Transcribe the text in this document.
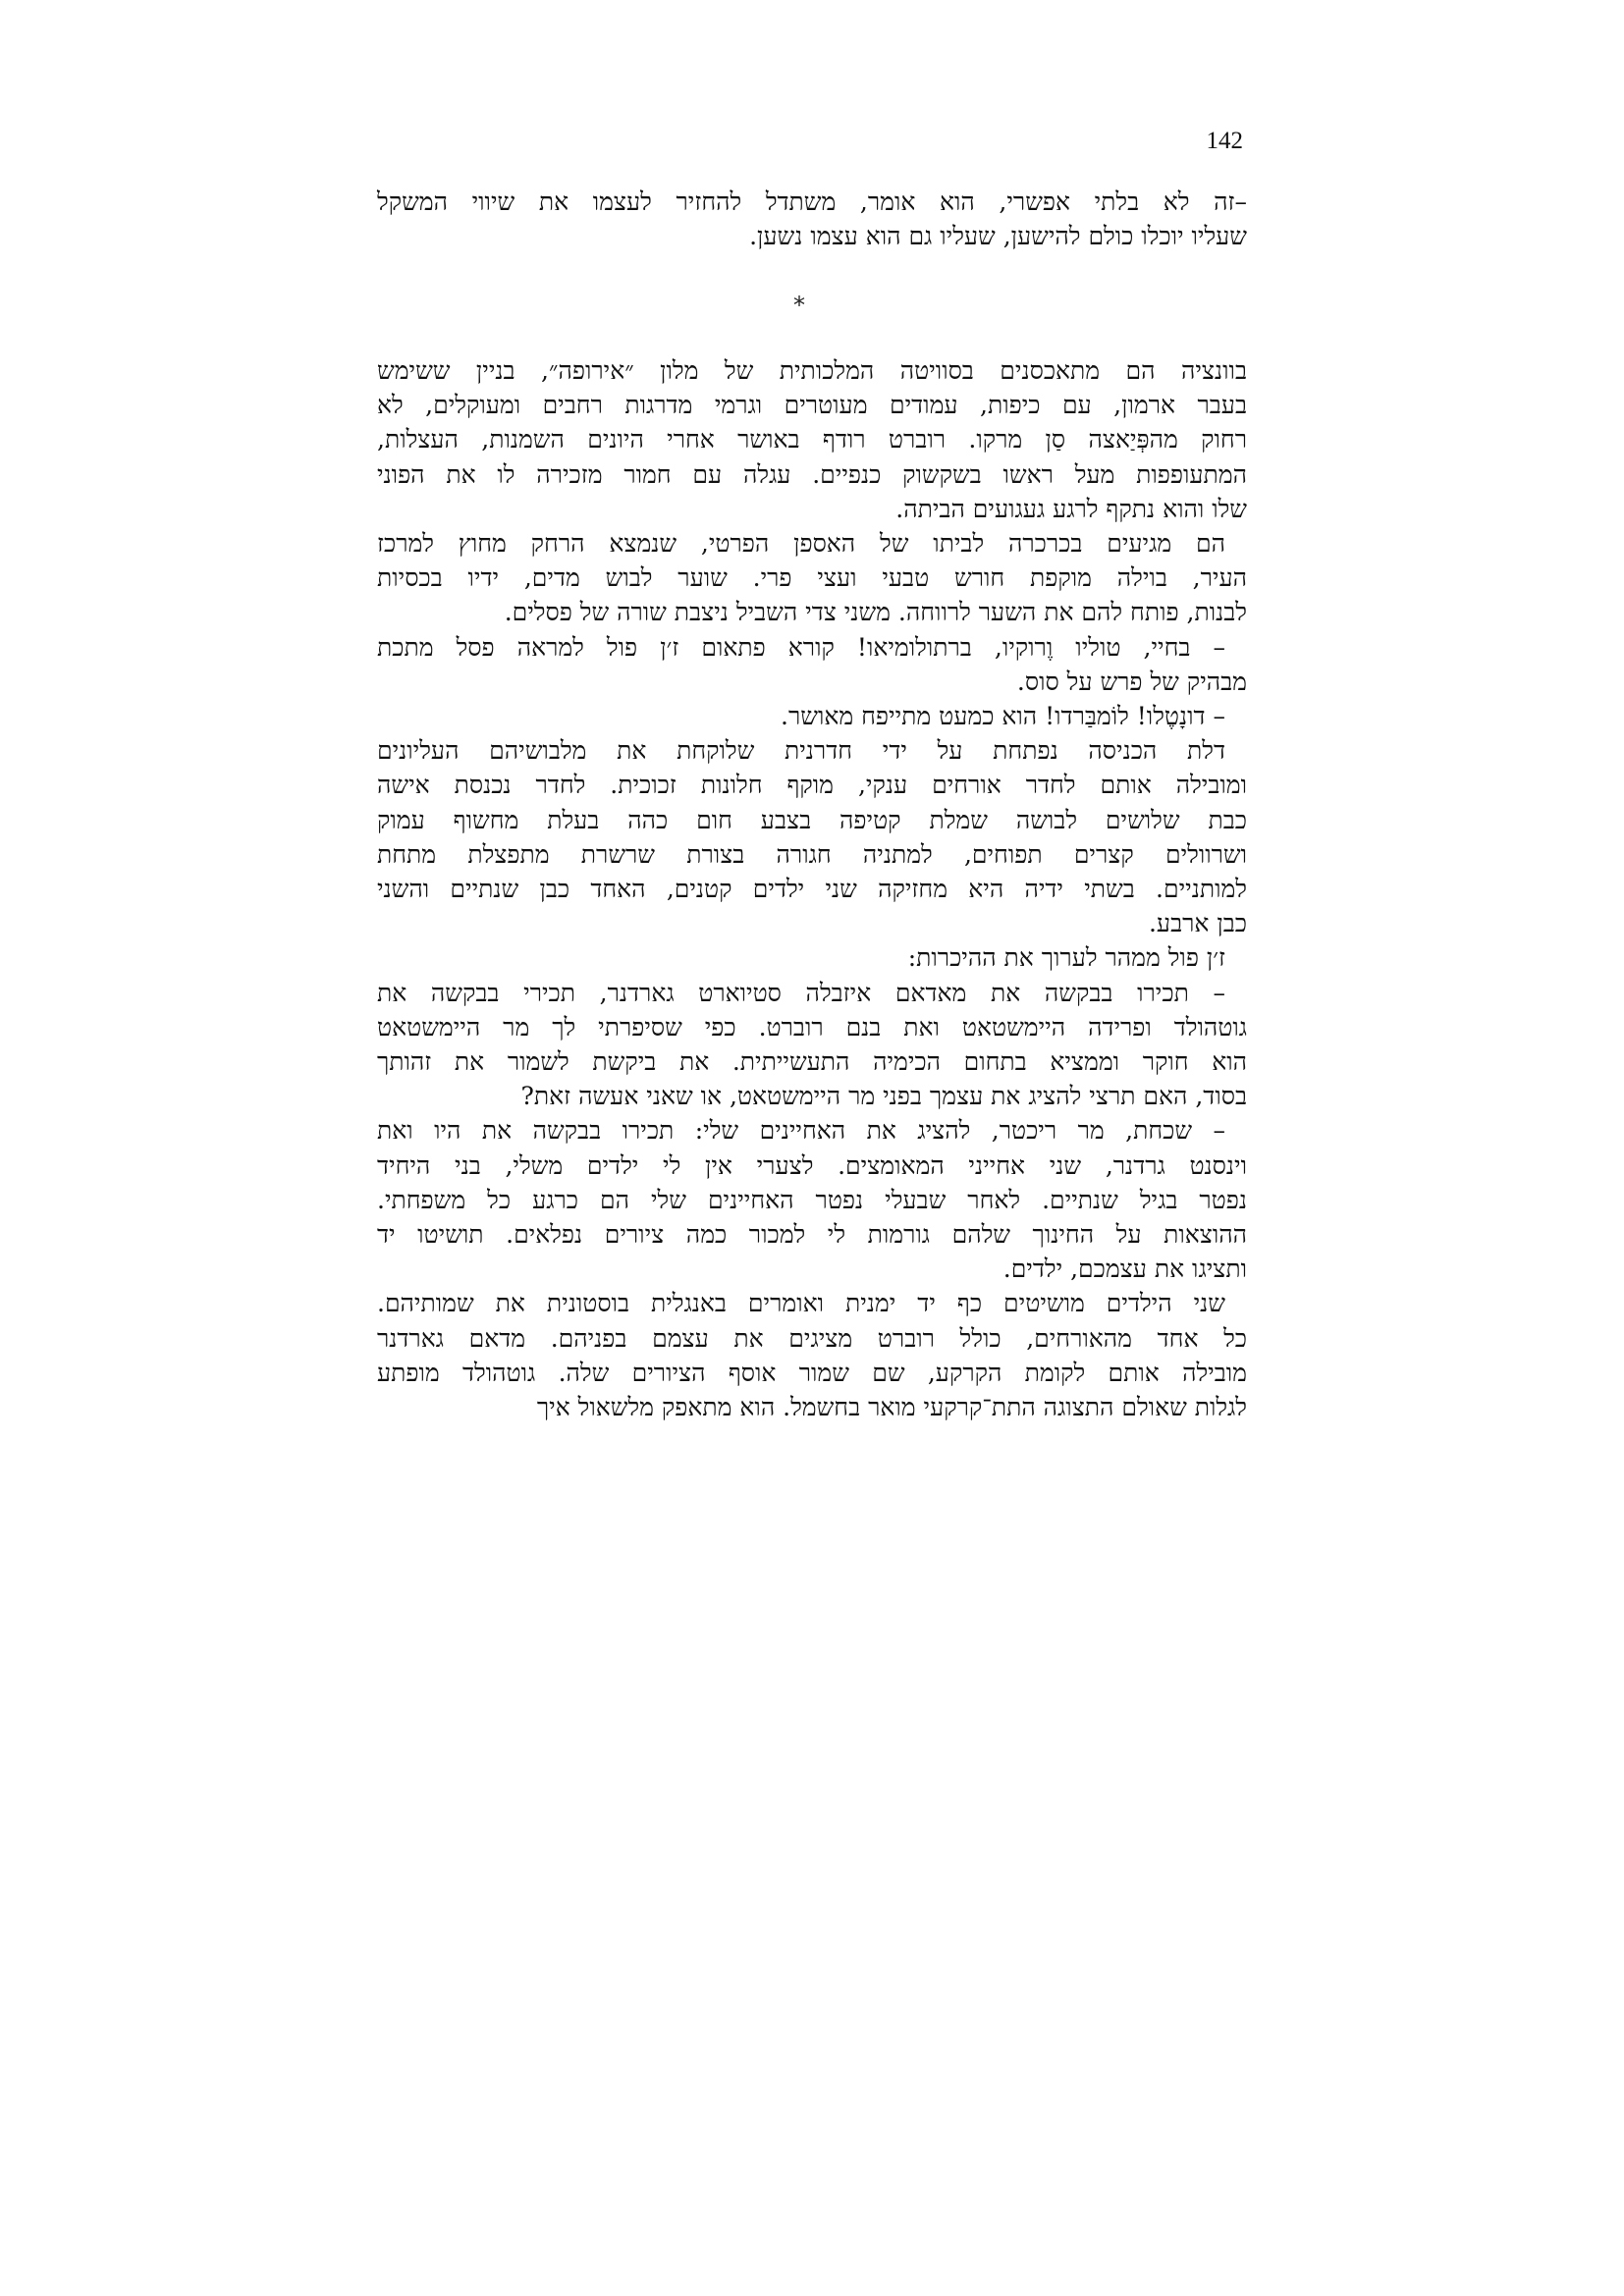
142
–זה לא בלתי אפשרי, הוא אומר, משתדל להחזיר לעצמו את שיווי המשקל
שעליו יוכלו כולם להישען, שעליו גם הוא עצמו נשען.
*
בוונציה הם מתאכסנים בסוויטה המלכותית של מלון ״אירופה״, בניין ששימש
בעבר ארמון, עם כיפות, עמודים מעוטרים וגרמי מדרגות רחבים ומעוקלים, לא
רחוק מהפְּיַאצה סַן מרקו. רוברט רודף באושר אחרי היונים השמנות, העצלות,
המתעופפות מעל ראשו בשקשוק כנפיים. עגלה עם חמור מזכירה לו את הפוני
שלו והוא נתקף לרגע געגועים הביתה.
הם מגיעים בכרכרה לביתו של האספן הפרטי, שנמצא הרחק מחוץ למרכז
העיר, בוילה מוקפת חורש טבעי ועצי פרי. שוער לבוש מדים, ידיו בכסיות
לבנות, פותח להם את השער לרווחה. משני צדי השביל ניצבת שורה של פסלים.
– בחיי, טוליו וֶרוקיו, ברתולומיאו! קורא פתאום ז׳ן פול למראה פסל מתכת
מבהיק של פרש על סוס.
– דונָטֶלו! לוֹמבַּרדו! הוא כמעט מתייפח מאושר.
דלת הכניסה נפתחת על ידי חדרנית שלוקחת את מלבושיהם העליונים
ומובילה אותם לחדר אורחים ענקי, מוקף חלונות זכוכית. לחדר נכנסת אישה
כבת שלושים לבושה שמלת קטיפה בצבע חום כהה בעלת מחשוף עמוק
ושרוולים קצרים תפוחים, למתניה חגורה בצורת שרשרת מתפצלת מתחת
למותניים. בשתי ידיה היא מחזיקה שני ילדים קטנים, האחד כבן שנתיים והשני
כבן ארבע.
ז׳ן פול ממהר לערוך את ההיכרות:
– תכירו בבקשה את מאדאם איזבלה סטיוארט גארדנר, תכירי בבקשה את
גוטהולד ופרידה היימשטאט ואת בנם רוברט. כפי שסיפרתי לך מר היימשטאט
הוא חוקר וממציא בתחום הכימיה התעשייתית. את ביקשת לשמור את זהותך
בסוד, האם תרצי להציג את עצמך בפני מר היימשטאט, או שאני אעשה זאת?
– שכחת, מר ריכטר, להציג את האחיינים שלי: תכירו בבקשה את היו ואת
וינסנט גרדנר, שני אחייני המאומצים. לצערי אין לי ילדים משלי, בני היחיד
נפטר בגיל שנתיים. לאחר שבעלי נפטר האחיינים שלי הם כרגע כל משפחתי.
ההוצאות על החינוך שלהם גורמות לי למכור כמה ציורים נפלאים. תושיטו יד
ותציגו את עצמכם, ילדים.
שני הילדים מושיטים כף יד ימנית ואומרים באנגלית בוסטונית את שמותיהם.
כל אחד מהאורחים, כולל רוברט מציגים את עצמם בפניהם. מדאם גארדנר
מובילה אותם לקומת הקרקע, שם שמור אוסף הציורים שלה. גוטהולד מופתע
לגלות שאולם התצוגה התת־קרקעי מואר בחשמל. הוא מתאפק מלשאול איך
